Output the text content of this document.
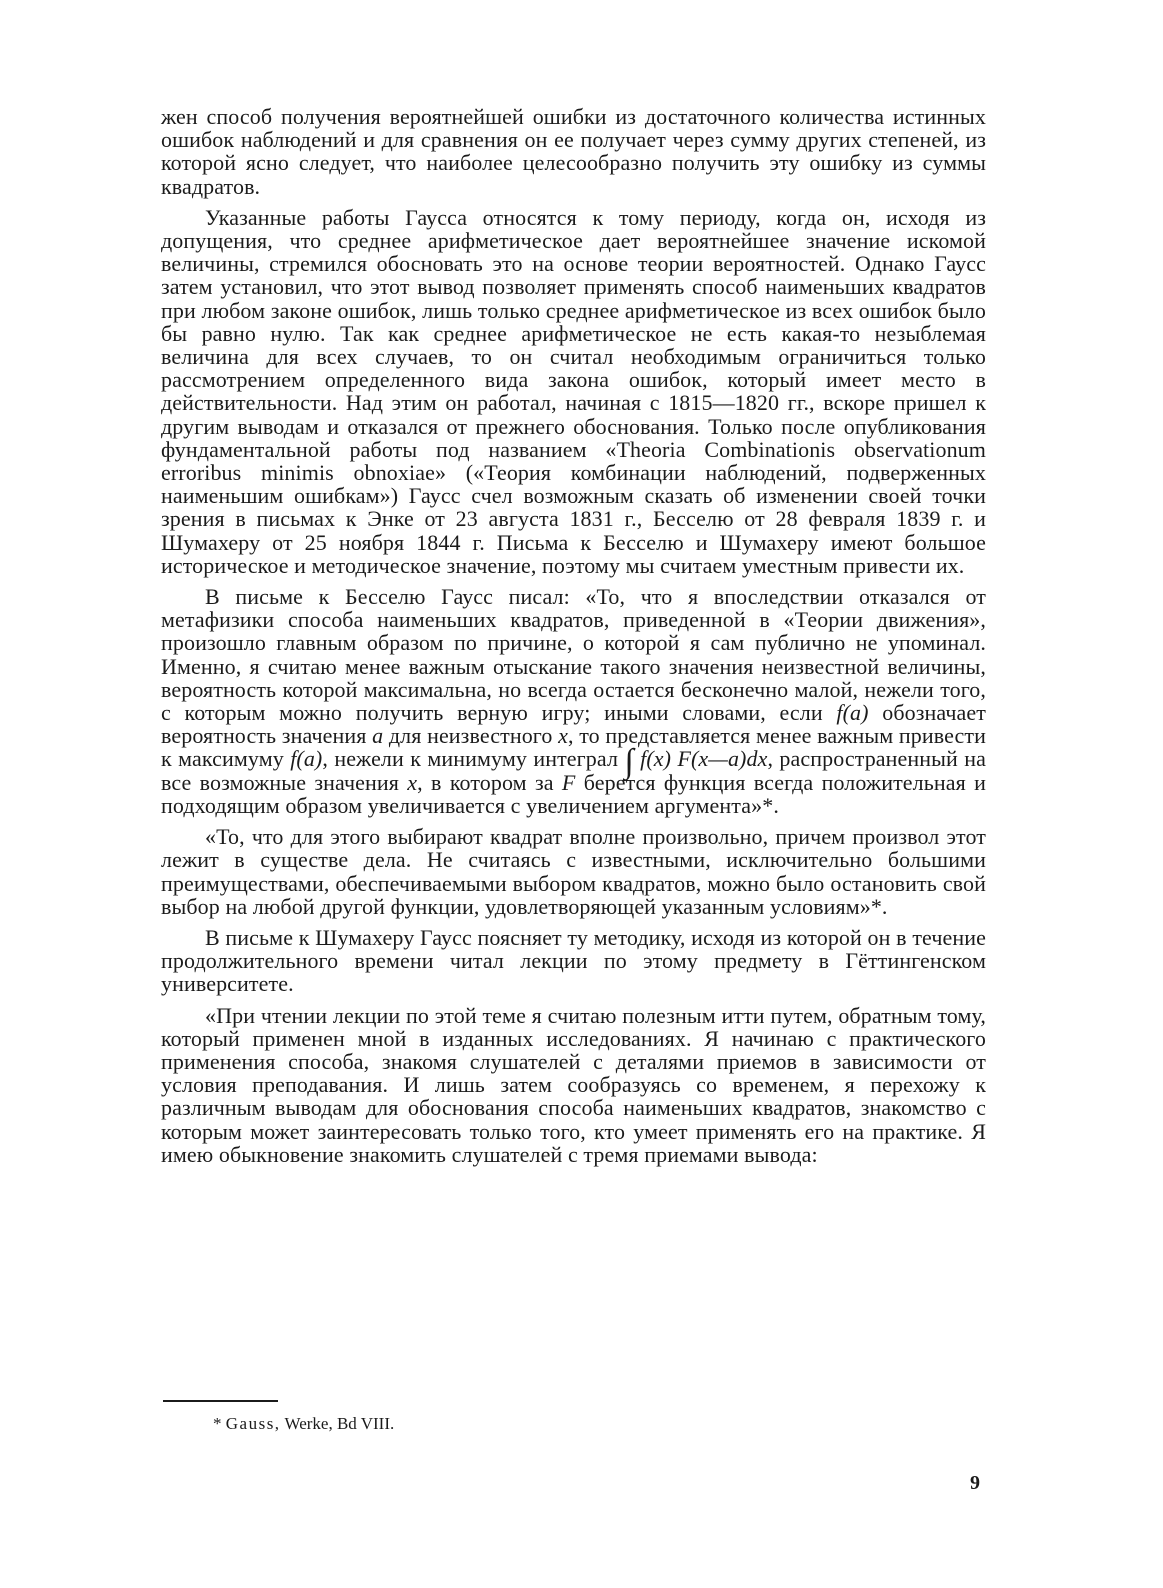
жен способ получения вероятнейшей ошибки из достаточного количества истинных ошибок наблюдений и для сравнения он ее получает через сумму других степеней, из которой ясно следует, что наиболее целесообразно получить эту ошибку из суммы квадратов.

Указанные работы Гаусса относятся к тому периоду, когда он, исходя из допущения, что среднее арифметическое дает вероятнейшее значение искомой величины, стремился обосновать это на основе теории вероятностей. Однако Гаусс затем установил, что этот вывод позволяет применять способ наименьших квадратов при любом законе ошибок, лишь только среднее арифметическое из всех ошибок было бы равно нулю. Так как среднее арифметическое не есть какая-то незыблемая величина для всех случаев, то он считал необходимым ограничиться только рассмотрением определенного вида закона ошибок, который имеет место в действительности. Над этим он работал, начиная с 1815—1820 гг., вскоре пришел к другим выводам и отказался от прежнего обоснования. Только после опубликования фундаментальной работы под названием «Theoria Combinationis observationum erroribus minimis obnoxiae» («Теория комбинации наблюдений, подверженных наименьшим ошибкам») Гаусс счел возможным сказать об изменении своей точки зрения в письмах к Энке от 23 августа 1831 г., Бесселю от 28 февраля 1839 г. и Шумахеру от 25 ноября 1844 г. Письма к Бесселю и Шумахеру имеют большое историческое и методическое значение, поэтому мы считаем уместным привести их.

В письме к Бесселю Гаусс писал: «То, что я впоследствии отказался от метафизики способа наименьших квадратов, приведенной в «Теории движения», произошло главным образом по причине, о которой я сам публично не упоминал. Именно, я считаю менее важным отыскание такого значения неизвестной величины, вероятность которой максимальна, но всегда остается бесконечно малой, нежели того, с которым можно получить верную игру; иными словами, если f(a) обозначает вероятность значения a для неизвестного x, то представляется менее важным привести к максимуму f(a), нежели к минимуму интеграл ∫ f(x) F(x—a)dx, распространенный на все возможные значения x, в котором за F берется функция всегда положительная и подходящим образом увеличивается с увеличением аргумента»*.

«То, что для этого выбирают квадрат вполне произвольно, причем произвол этот лежит в существе дела. Не считаясь с известными, исключительно большими преимуществами, обеспечиваемыми выбором квадратов, можно было остановить свой выбор на любой другой функции, удовлетворяющей указанным условиям»*.

В письме к Шумахеру Гаусс поясняет ту методику, исходя из которой он в течение продолжительного времени читал лекции по этому предмету в Гёттингенском университете.

«При чтении лекции по этой теме я считаю полезным итти путем, обратным тому, который применен мной в изданных исследованиях. Я начинаю с практического применения способа, знакомя слушателей с деталями приемов в зависимости от условия преподавания. И лишь затем сообразуясь со временем, я перехожу к различным выводам для обоснования способа наименьших квадратов, знакомство с которым может заинтересовать только того, кто умеет применять его на практике. Я имею обыкновение знакомить слушателей с тремя приемами вывода:

* Gauss, Werke, Bd VIII.
9
